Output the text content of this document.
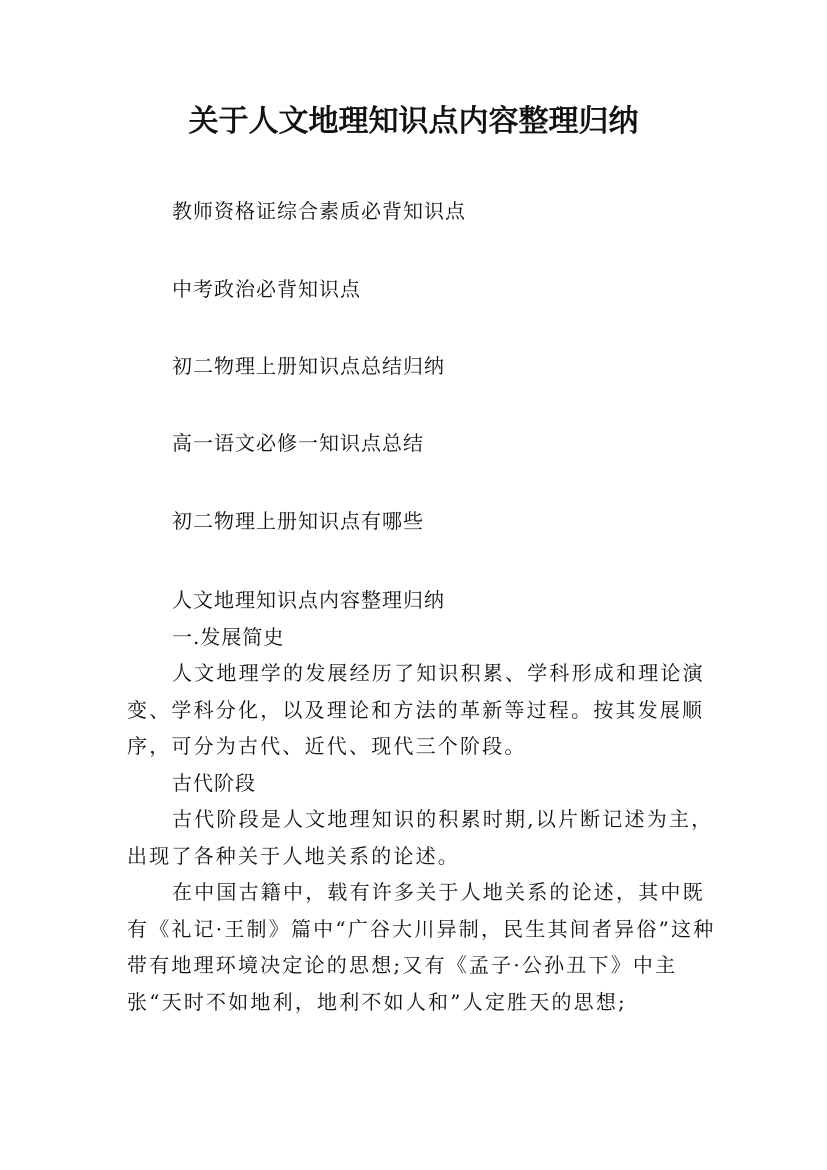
关于人文地理知识点内容整理归纳
教师资格证综合素质必背知识点
中考政治必背知识点
初二物理上册知识点总结归纳
高一语文必修一知识点总结
初二物理上册知识点有哪些

人文地理知识点内容整理归纳

一.发展简史

人文地理学的发展经历了知识积累、学科形成和理论演变、学科分化，以及理论和方法的革新等过程。按其发展顺序，可分为古代、近代、现代三个阶段。

古代阶段

古代阶段是人文地理知识的积累时期,以片断记述为主，出现了各种关于人地关系的论述。

在中国古籍中，载有许多关于人地关系的论述，其中既有《礼记·王制》篇中“广谷大川异制，民生其间者异俗”这种带有地理环境决定论的思想;又有《孟子·公孙丑下》中主张“天时不如地利，地利不如人和”人定胜天的思想;
